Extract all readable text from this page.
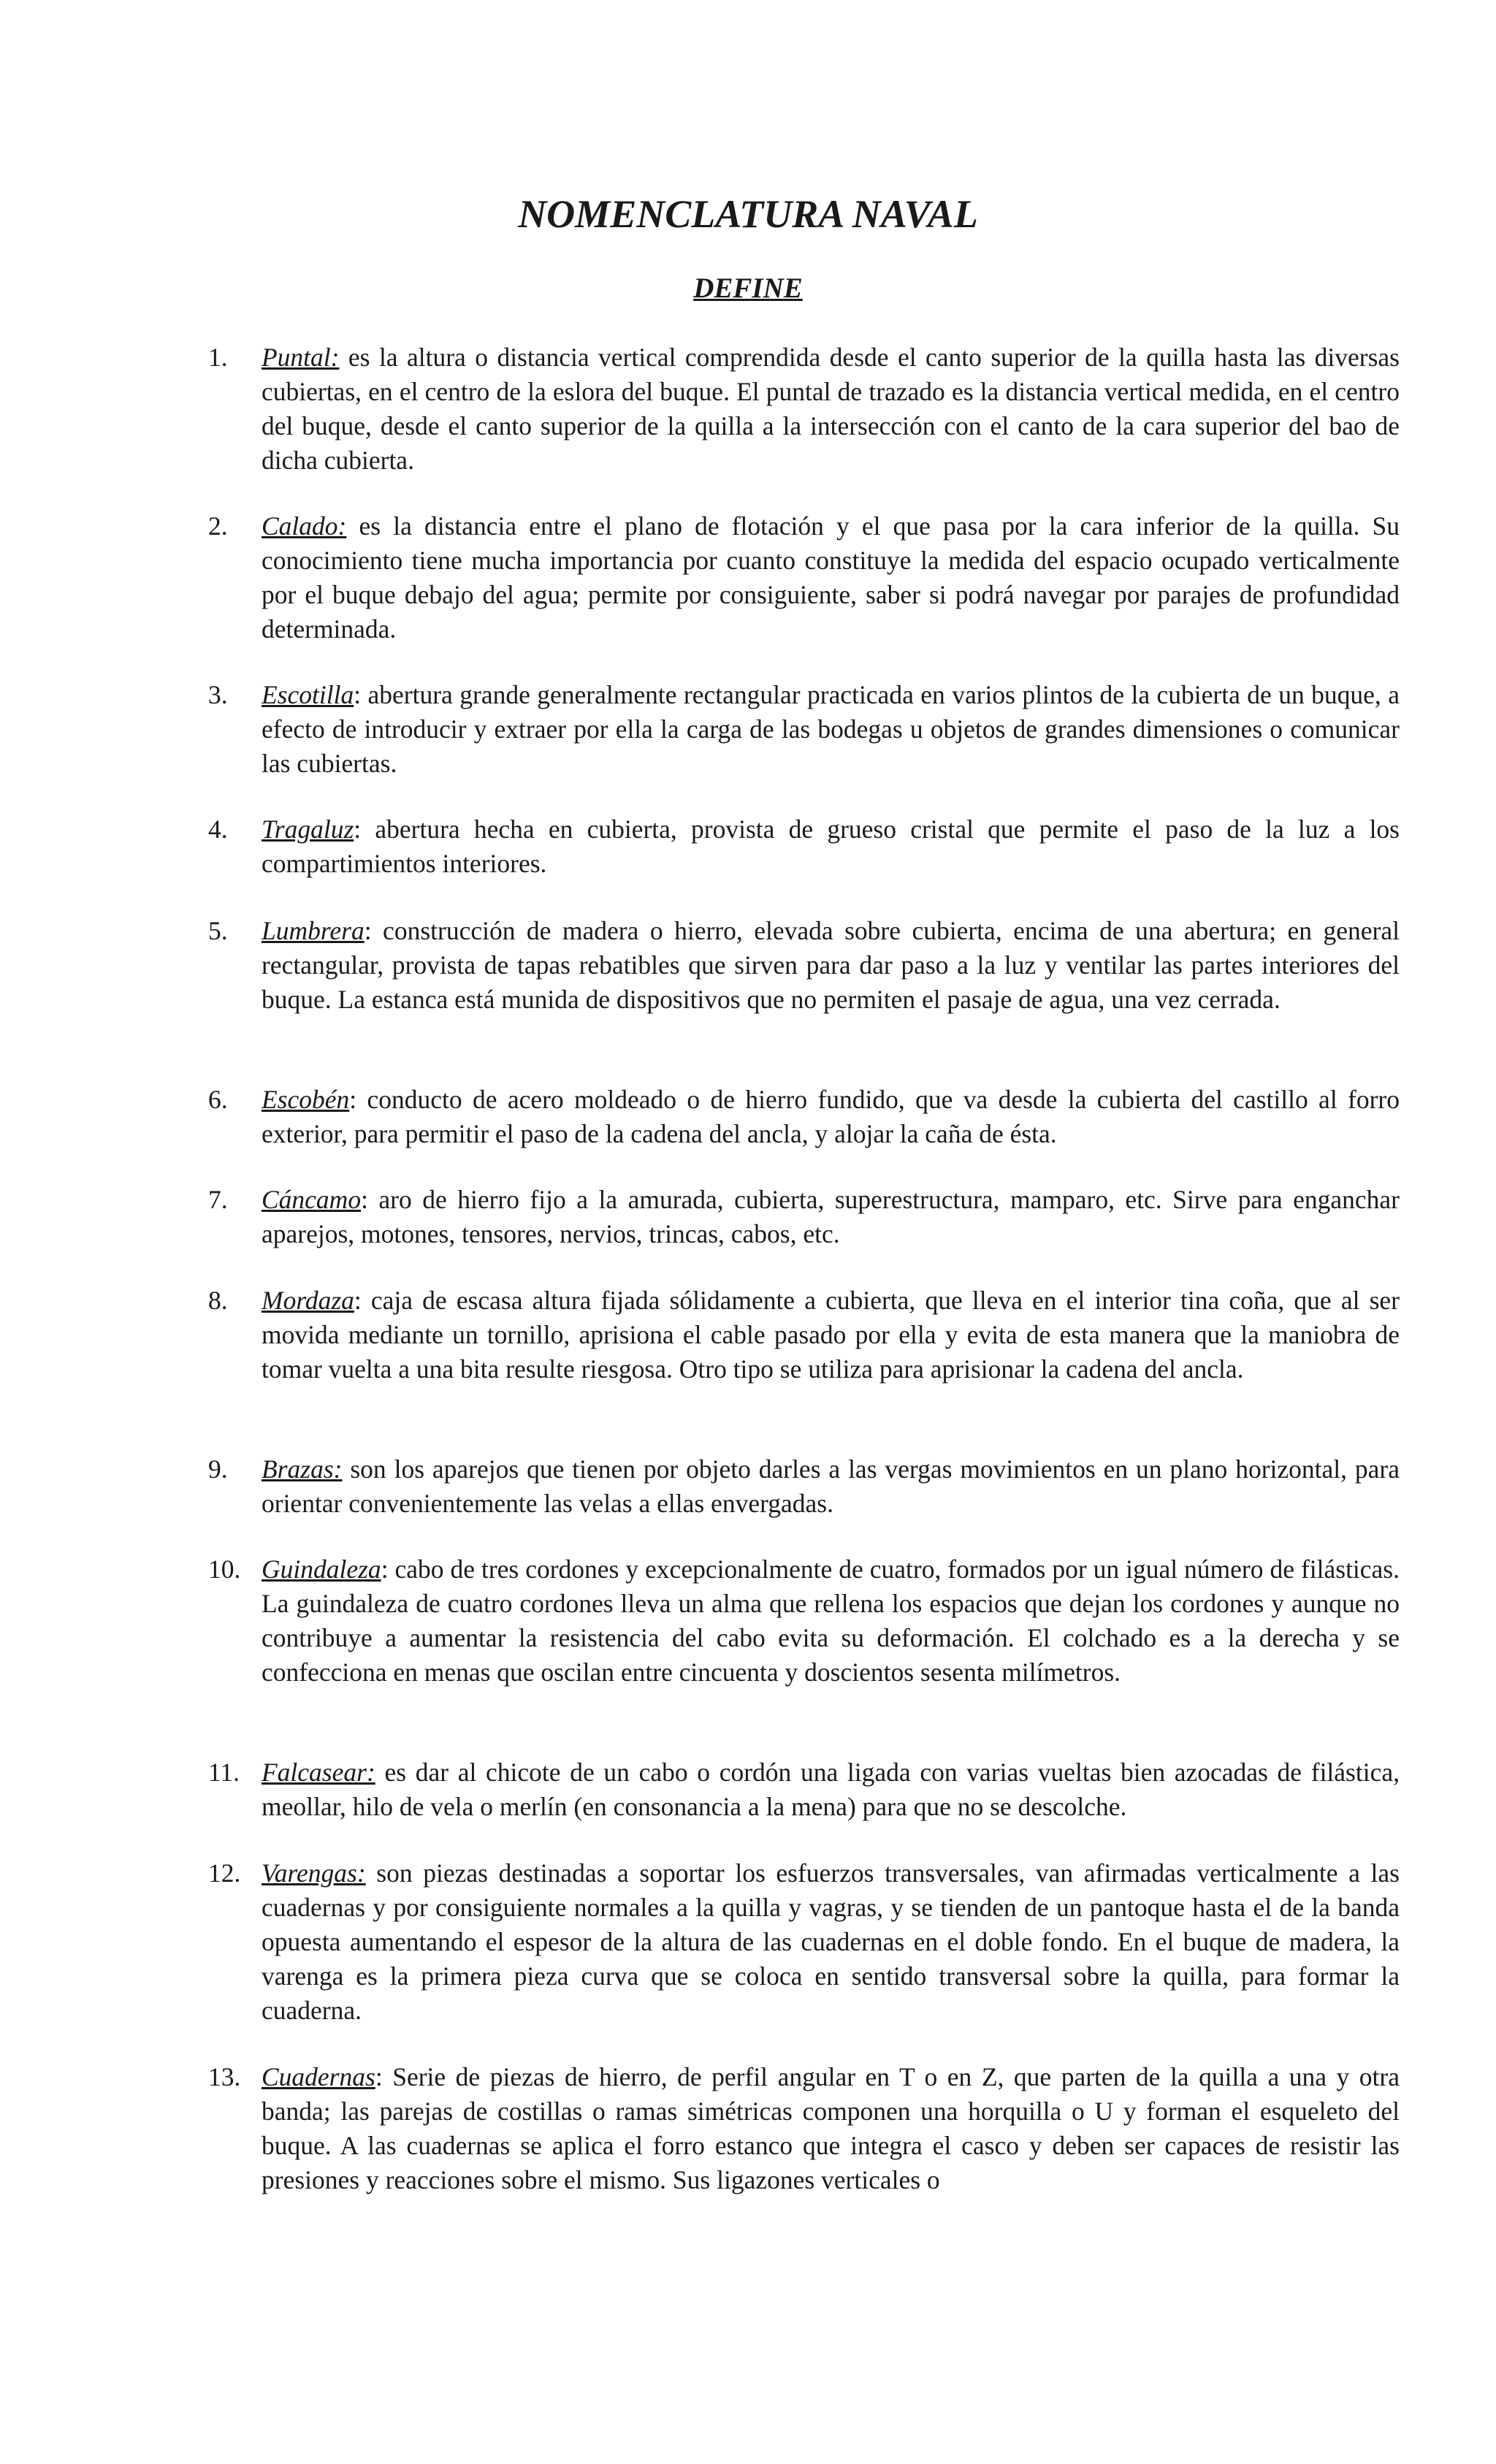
NOMENCLATURA NAVAL
DEFINE
1.	Puntal: es la altura o distancia vertical comprendida desde el canto superior de la quilla hasta las diversas cubiertas, en el centro de la eslora del buque. El puntal de trazado es la distancia vertical medida, en el centro del buque, desde el canto superior de la quilla a la intersección con el canto de la cara superior del bao de dicha cubierta.
2.	Calado: es la distancia entre el plano de flotación y el que pasa por la cara inferior de la quilla. Su conocimiento tiene mucha importancia por cuanto constituye la medida del espacio ocupado verticalmente por el buque debajo del agua; permite por consiguiente, saber si podrá navegar por parajes de profundidad determinada.
3.	Escotilla: abertura grande generalmente rectangular practicada en varios plintos de la cubierta de un buque, a efecto de introducir y extraer por ella la carga de las bodegas u objetos de grandes dimensiones o comunicar las cubiertas.
4.	Tragaluz: abertura hecha en cubierta, provista de grueso cristal que permite el paso de la luz a los compartimientos interiores.
5.	Lumbrera: construcción de madera o hierro, elevada sobre cubierta, encima de una abertura; en general rectangular, provista de tapas rebatibles que sirven para dar paso a la luz y ventilar las partes interiores del buque. La estanca está munida de dispositivos que no permiten el pasaje de agua, una vez cerrada.
6.	Escobén: conducto de acero moldeado o de hierro fundido, que va desde la cubierta del castillo al forro exterior, para permitir el paso de la cadena del ancla, y alojar la caña de ésta.
7.	Cáncamo: aro de hierro fijo a la amurada, cubierta, superestructura, mamparo, etc. Sirve para enganchar aparejos, motones, tensores, nervios, trincas, cabos, etc.
8.	Mordaza: caja de escasa altura fijada sólidamente a cubierta, que lleva en el interior tina coña, que al ser movida mediante un tornillo, aprisiona el cable pasado por ella y evita de esta manera que la maniobra de tomar vuelta a una bita resulte riesgosa. Otro tipo se utiliza para aprisionar la cadena del ancla.
9.	Brazas: son los aparejos que tienen por objeto darles a las vergas movimientos en un plano horizontal, para orientar convenientemente las velas a ellas envergadas.
10. Guindaleza: cabo de tres cordones y excepcionalmente de cuatro, formados por un igual número de filásticas. La guindaleza de cuatro cordones lleva un alma que rellena los espacios que dejan los cordones y aunque no contribuye a aumentar la resistencia del cabo evita su deformación. El colchado es a la derecha y se confecciona en menas que oscilan entre cincuenta y doscientos sesenta milímetros.
11. Falcasear: es dar al chicote de un cabo o cordón una ligada con varias vueltas bien azocadas de filástica, meollar, hilo de vela o merlín (en consonancia a la mena) para que no se descolche.
12. Varengas: son piezas destinadas a soportar los esfuerzos transversales, van afirmadas verticalmente a las cuadernas y por consiguiente normales a la quilla y vagras, y se tienden de un pantoque hasta el de la banda opuesta aumentando el espesor de la altura de las cuadernas en el doble fondo. En el buque de madera, la varenga es la primera pieza curva que se coloca en sentido transversal sobre la quilla, para formar la cuaderna.
13. Cuadernas: Serie de piezas de hierro, de perfil angular en T o en Z, que parten de la quilla a una y otra banda; las parejas de costillas o ramas simétricas componen una horquilla o U y forman el esqueleto del buque. A las cuadernas se aplica el forro estanco que integra el casco y deben ser capaces de resistir las presiones y reacciones sobre el mismo. Sus ligazones verticales o
